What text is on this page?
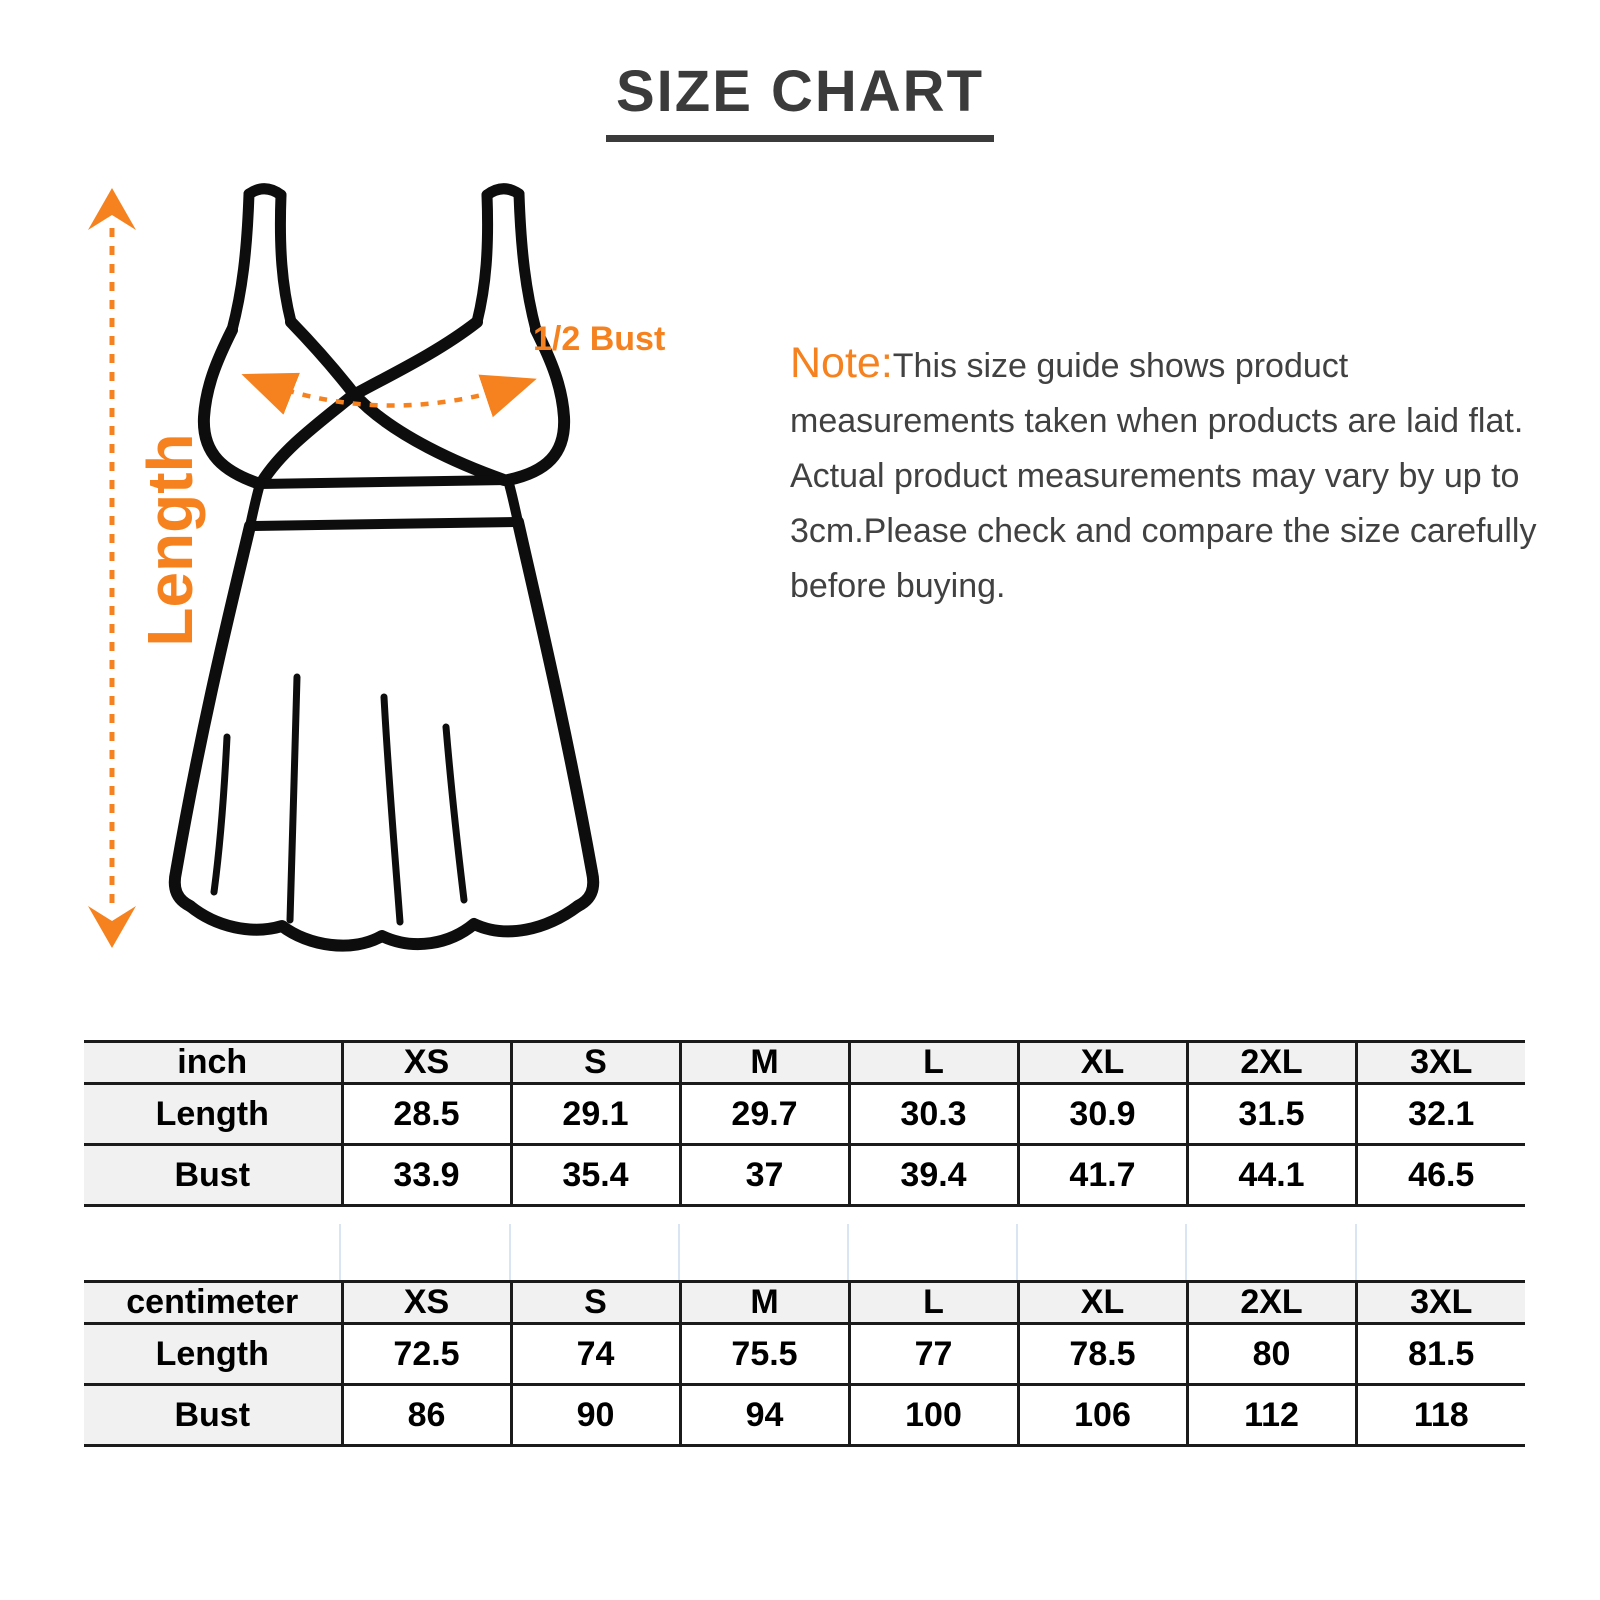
SIZE CHART
Length
1/2 Bust	Note:This size guide shows product measurements taken when products are laid flat. Actual product measurements may vary by up to 3cm.Please check and compare the size carefully before buying.
inch	XS	S	M	L	XL	2XL	3XL
Length	28.5	29.1	29.7	30.3	30.9	31.5	32.1
Bust	33.9	35.4	37	39.4	41.7	44.1	46.5
centimeter	XS	S	M	L	XL	2XL	3XL
Length	72.5	74	75.5	77	78.5	80	81.5
Bust	86	90	94	100	106	112	118
